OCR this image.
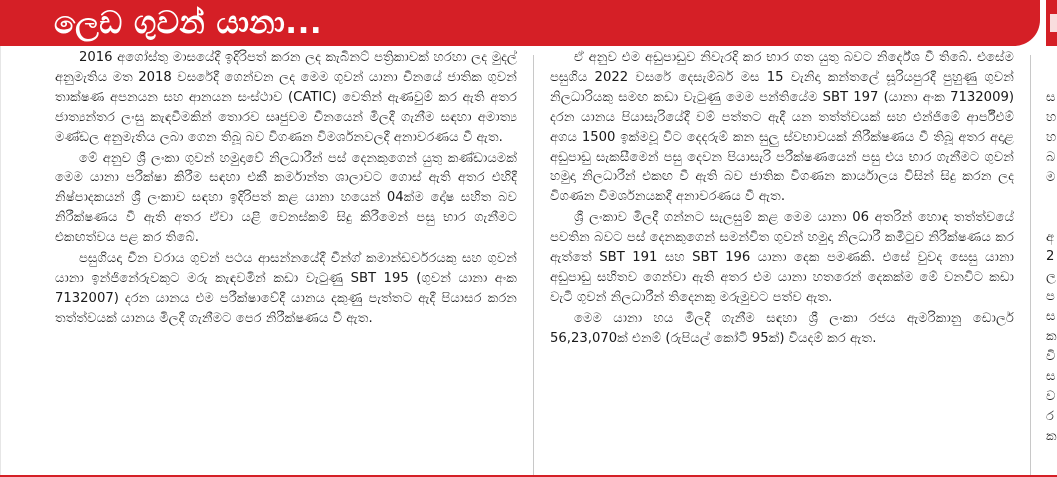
ලෙඩ ගුවන් යානා...

2016 අගෝස්තු මාසයේදී ඉදිරිපත් කරන ලද කැබිනට් පත්‍රිකාවක් හරහා ලද මුදල් අනුමැතිය මත 2018 වසරේදී ගෙන්වන ලද මෙම ගුවන් යානා චීනයේ ජාතික ගුවන් තාක්ෂණ අපනයන සහ ආනයන සංස්ථාව (CATIC) වෙතින් ඇණවුම් කර ඇති අතර ජාත්‍යන්තර ලංසු කැඳවීමකින් තොරව සෘජුවම චීනයෙන් මිලදී ගැනීම සඳහා අමාත්‍ය මණ්ඩල අනුමැතිය ලබා ගෙන තිබූ බව විගණන විමර්ශනවලදී අනාවරණය වී ඇත.

මේ අනුව ශ්‍රී ලංකා ගුවන් හමුදාවේ නිලධාරීන් පස් දෙනකුගෙන් යුතු කණ්ඩායමක් මෙම යානා පරීක්ෂා කිරීම සඳහා එකී කර්මාන්ත ශාලාවට ගොස් ඇති අතර එහිදී නිෂ්පාදකයන් ශ්‍රී ලංකාව සඳහා ඉදිරිපත් කළ යානා හයෙන් 04ක්ම දෝෂ සහිත බව නිරීක්ෂණය වී ඇති අතර ඒවා යළි වෙනස්කම් සිදු කිරීමෙන් පසු භාර ගැනීමට එකඟත්වය පළ කර තිබේ.

පසුගියදා චීන වරාය ගුවන් පථය ආසන්නයේදී චීන්ග් කමාන්ඩර්වරයකු සහ ගුවන් යානා ඉන්ජිනේරුවකුට මරු කැඳවමින් කඩා වැටුණු SBT 195 (ගුවන් යානා අංක 7132007) දරන යානය එම පරීක්ෂාවේදී යානය දකුණු පැත්තට ඇදී පියාසර කරන තත්ත්වයක් යානය මිලදී ගැනීමට පෙර නිරීක්ෂණය වී ඇත.

ඒ අනුව එම අඩුපාඩුව නිවැරදි කර භාර ගත යුතු බවට නිර්දේශ වී තිබේ. එසේම පසුගිය 2022 වසරේ දෙසැම්බර් මස 15 වැනිදා කන්තලේ සූරියපුරදී පුහුණු ගුවන් නිලධාරියකු සමඟ කඩා වැටුණු මෙම පන්තියේම SBT 197 (යානා අංක 7132009) දරන යානය පියාසැරියේදී වම් පත්තට ඇදී යන තත්ත්වයක් සහ එන්ජිමේ ආර්පීඑම් අගය 1500 ඉක්මවූ විට දෙදරුම් කන සුලු ස්වභාවයක් නිරීක්ෂණය වී තිබූ අතර අදාළ අඩුපාඩු සැකසීමෙන් පසු දෙවන පියාසැරි පරීක්ෂණයෙන් පසු එය භාර ගැනීමට ගුවන් හමුදා නිලධාරීන් එකඟ වී ඇති බව ජාතික විගණන කාර්යාලය විසින් සිදු කරන ලද විගණන විමර්ශනයකදී අනාවරණය වී ඇත.

ශ්‍රී ලංකාව මිලදී ගන්නට සැලසුම් කළ මෙම යානා 06 අතරින් හොඳ තත්ත්වයේ පවතින බවට පස් දෙනකුගෙන් සමන්විත ගුවන් හමුදා නිලධාරී කමිටුව නිරීක්ෂණය කර ඇත්තේ SBT 191 සහ SBT 196 යානා දෙක පමණකි. එසේ වුවද සෙසු යානා අඩුපාඩු සහිතව ගෙන්වා ඇති අතර එම යානා හතරෙන් දෙකක්ම මේ වනවිට කඩා වැටී ගුවන් නිලධාරීන් තිදෙනකු මරුමුවට පත්ව ඇත.

මෙම යානා හය මිලදී ගැනීම සඳහා ශ්‍රී ලංකා රජය ඇමරිකානු ඩොලර් 56,23,070ක් එනම් (රුපියල් කෝටි 95ක්) වියදම් කර ඇත.

ස
හ
හ
බ
ම
අ
2
ල
ප
ස
ක
වි
ස
ව
ර
ක
